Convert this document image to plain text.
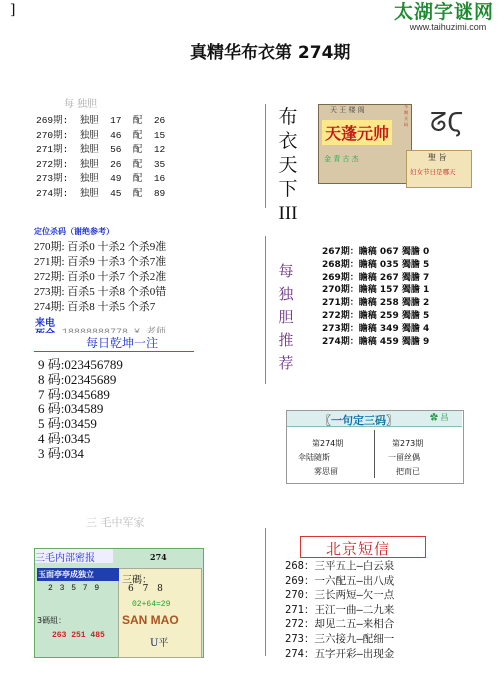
]	太湖字谜网
www.taihuzimi.com
真精华布衣第 274期
每 独胆
269期:  独胆  17  配  26
270期:  独胆  46  配  15
271期:  独胆  56  配  12
272期:  独胆  26  配  35
273期:  独胆  49  配  16
274期:  独胆  45  配  89
定位杀码（谢绝参考）
270期: 百杀0 十杀2 个杀9准
271期: 百杀9 十杀3 个杀7准
272期: 百杀0 十杀7 个杀2准
273期: 百杀5 十杀8 个杀0错
274期: 百杀8 十杀5 个杀7
来电

每日乾坤一注
9 码:023456789
8 码:02345689
7 码:0345689
6 码:034589
5 码:03459
4 码:0345
3 码:034
三 毛中军家
布衣天下III
天 王 楼 阁
天蓬元帅
金 青 古 杰
今期买码 ᘔϚ
聖 旨
妇女节日是哪天
每独胆推荐
267期：瞻稿 067 獨膽 0
268期：瞻稿 035 獨膽 5
269期：瞻稿 267 獨膽 7
270期：瞻稿 157 獨膽 1
271期：瞻稿 258 獨膽 2
272期：瞻稿 259 獨膽 5
273期：瞻稿 349 獨膽 4
274期：瞻稿 459 獨膽 9
〖一句定三码〗	✿ 昌
第274期	第273期
伞陆随斯	一留丝偶
雾思留	把而已
北京短信
268：三平五上—白云泉
269：一六配五—出八成
270：三长两短—欠一点
271：王江一曲—二九来
272：却见二五—来相合
273：三六接九—配细一
274：五字开彩—出现金
三毛内部密报	274
玉面亭亭成独立
2 3 5 7 9
3碼組：
263 251 485
三碼：
6 7 8
02+64=29
SAN MAO
U平
